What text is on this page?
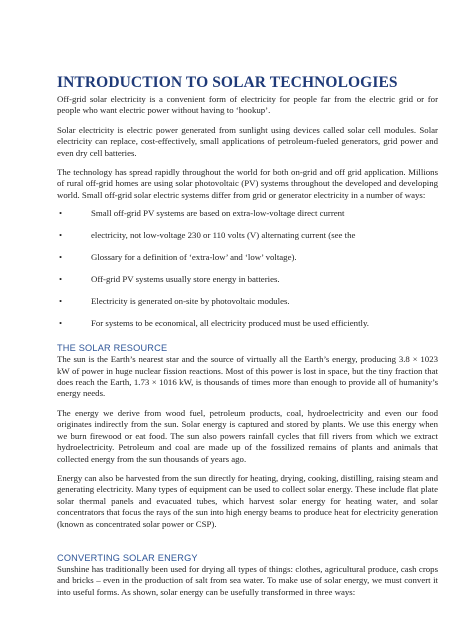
INTRODUCTION TO SOLAR TECHNOLOGIES

Off-grid solar electricity is a convenient form of electricity for people far from the electric grid or for people who want electric power without having to ‘hookup’.

Solar electricity is electric power generated from sunlight using devices called solar cell modules. Solar electricity can replace, cost-effectively, small applications of petroleum-fueled generators, grid power and even dry cell batteries.

The technology has spread rapidly throughout the world for both on-grid and off grid application. Millions of rural off-grid homes are using solar photovoltaic (PV) systems throughout the developed and developing world. Small off-grid solar electric systems differ from grid or generator electricity in a number of ways:

•	Small off-grid PV systems are based on extra-low-voltage direct current
•	electricity, not low-voltage 230 or 110 volts (V) alternating current (see the
•	Glossary for a definition of ‘extra-low’ and ‘low’ voltage).
•	Off-grid PV systems usually store energy in batteries.
•	Electricity is generated on-site by photovoltaic modules.
•	For systems to be economical, all electricity produced must be used efficiently.
THE SOLAR RESOURCE

The sun is the Earth’s nearest star and the source of virtually all the Earth’s energy, producing 3.8 × 1023 kW of power in huge nuclear fission reactions. Most of this power is lost in space, but the tiny fraction that does reach the Earth, 1.73 × 1016 kW, is thousands of times more than enough to provide all of humanity’s energy needs.

The energy we derive from wood fuel, petroleum products, coal, hydroelectricity and even our food originates indirectly from the sun. Solar energy is captured and stored by plants. We use this energy when we burn firewood or eat food. The sun also powers rainfall cycles that fill rivers from which we extract hydroelectricity. Petroleum and coal are made up of the fossilized remains of plants and animals that collected energy from the sun thousands of years ago.

Energy can also be harvested from the sun directly for heating, drying, cooking, distilling, raising steam and generating electricity. Many types of equipment can be used to collect solar energy. These include flat plate solar thermal panels and evacuated tubes, which harvest solar energy for heating water, and solar concentrators that focus the rays of the sun into high energy beams to produce heat for electricity generation (known as concentrated solar power or CSP).

CONVERTING SOLAR ENERGY

Sunshine has traditionally been used for drying all types of things: clothes, agricultural produce, cash crops and bricks – even in the production of salt from sea water. To make use of solar energy, we must convert it into useful forms. As shown, solar energy can be usefully transformed in three ways:
